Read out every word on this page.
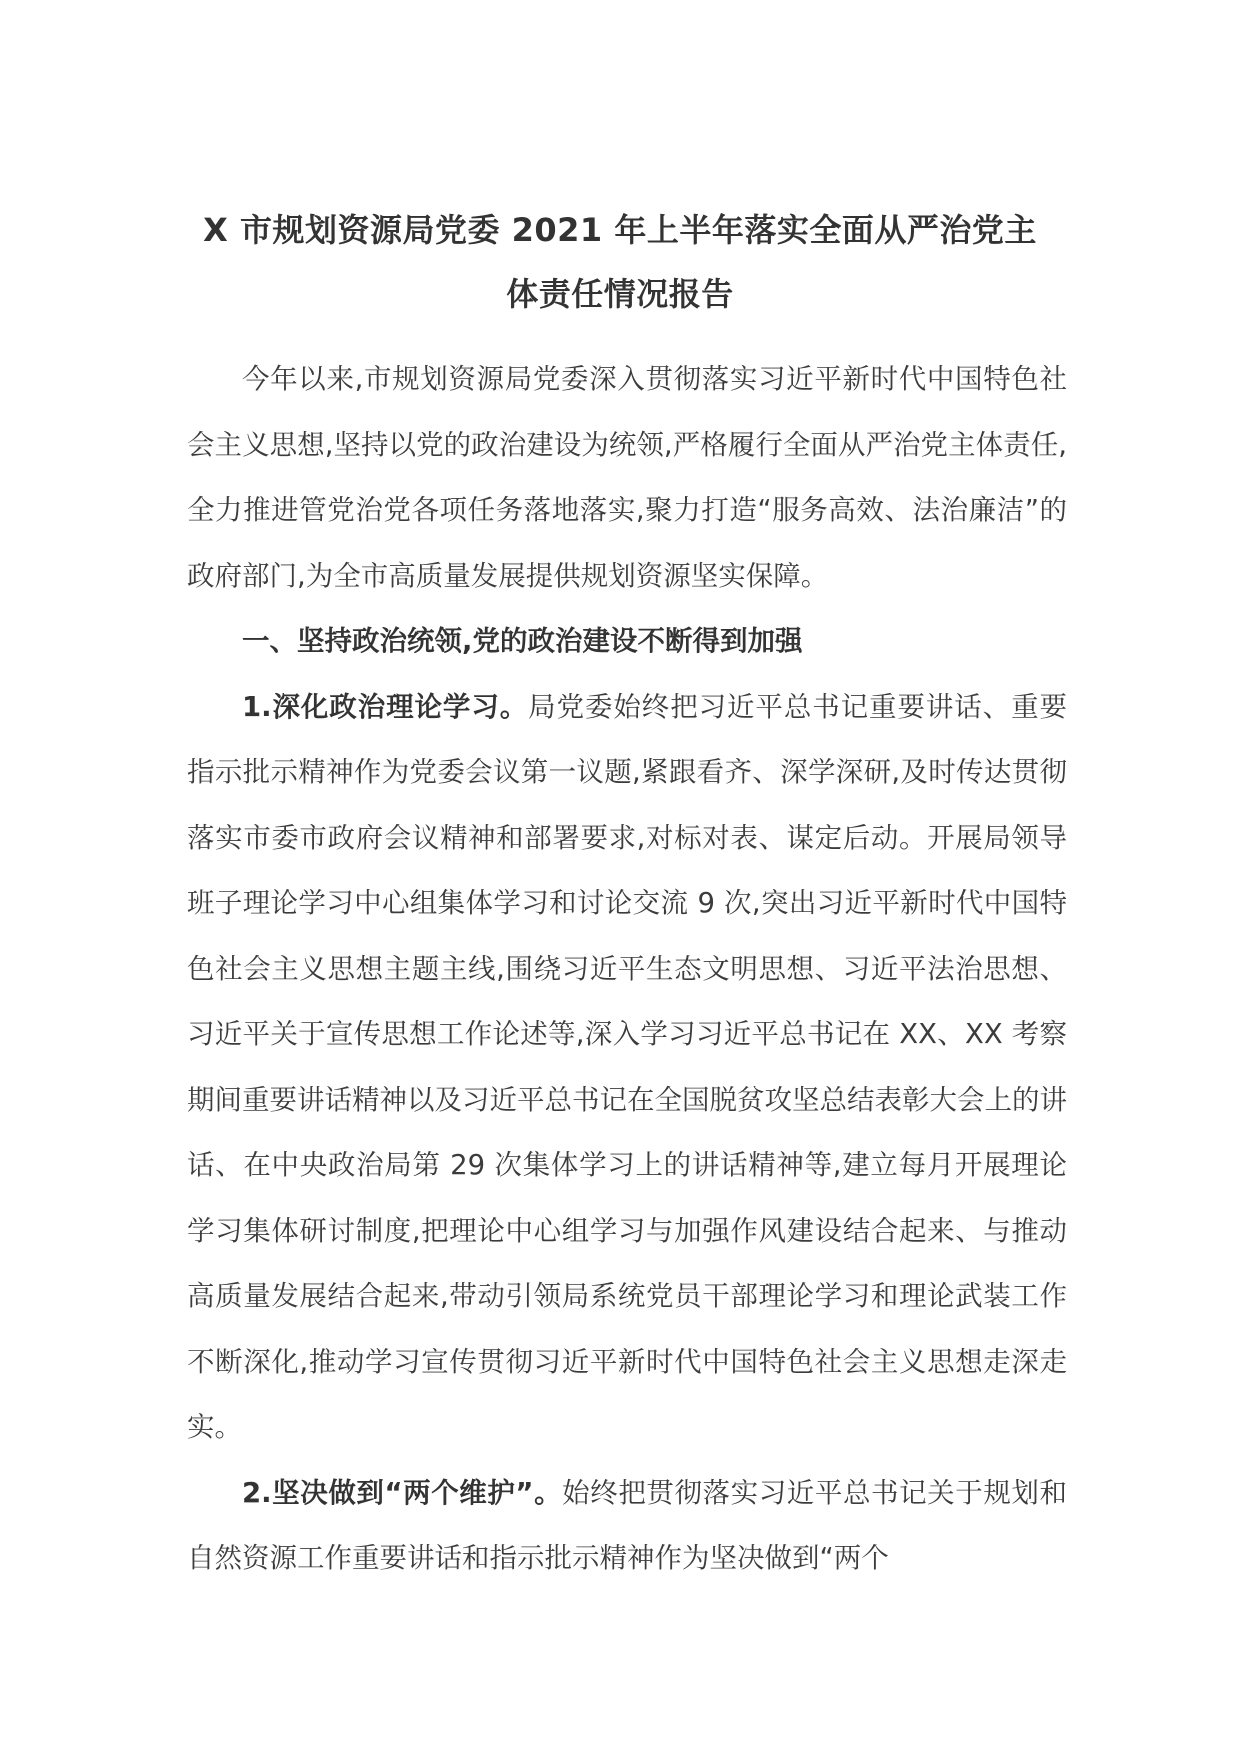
X 市规划资源局党委 2021 年上半年落实全面从严治党主
体责任情况报告

今年以来,市规划资源局党委深入贯彻落实习近平新时代中国特色社会主义思想,坚持以党的政治建设为统领,严格履行全面从严治党主体责任,全力推进管党治党各项任务落地落实,聚力打造“服务高效、法治廉洁”的政府部门,为全市高质量发展提供规划资源坚实保障。

一、坚持政治统领,党的政治建设不断得到加强

1.深化政治理论学习。局党委始终把习近平总书记重要讲话、重要指示批示精神作为党委会议第一议题,紧跟看齐、深学深研,及时传达贯彻落实市委市政府会议精神和部署要求,对标对表、谋定后动。开展局领导班子理论学习中心组集体学习和讨论交流 9 次,突出习近平新时代中国特色社会主义思想主题主线,围绕习近平生态文明思想、习近平法治思想、习近平关于宣传思想工作论述等,深入学习习近平总书记在 XX、XX 考察期间重要讲话精神以及习近平总书记在全国脱贫攻坚总结表彰大会上的讲话、在中央政治局第 29 次集体学习上的讲话精神等,建立每月开展理论学习集体研讨制度,把理论中心组学习与加强作风建设结合起来、与推动高质量发展结合起来,带动引领局系统党员干部理论学习和理论武装工作不断深化,推动学习宣传贯彻习近平新时代中国特色社会主义思想走深走实。

2.坚决做到“两个维护”。始终把贯彻落实习近平总书记关于规划和自然资源工作重要讲话和指示批示精神作为坚决做到“两个
